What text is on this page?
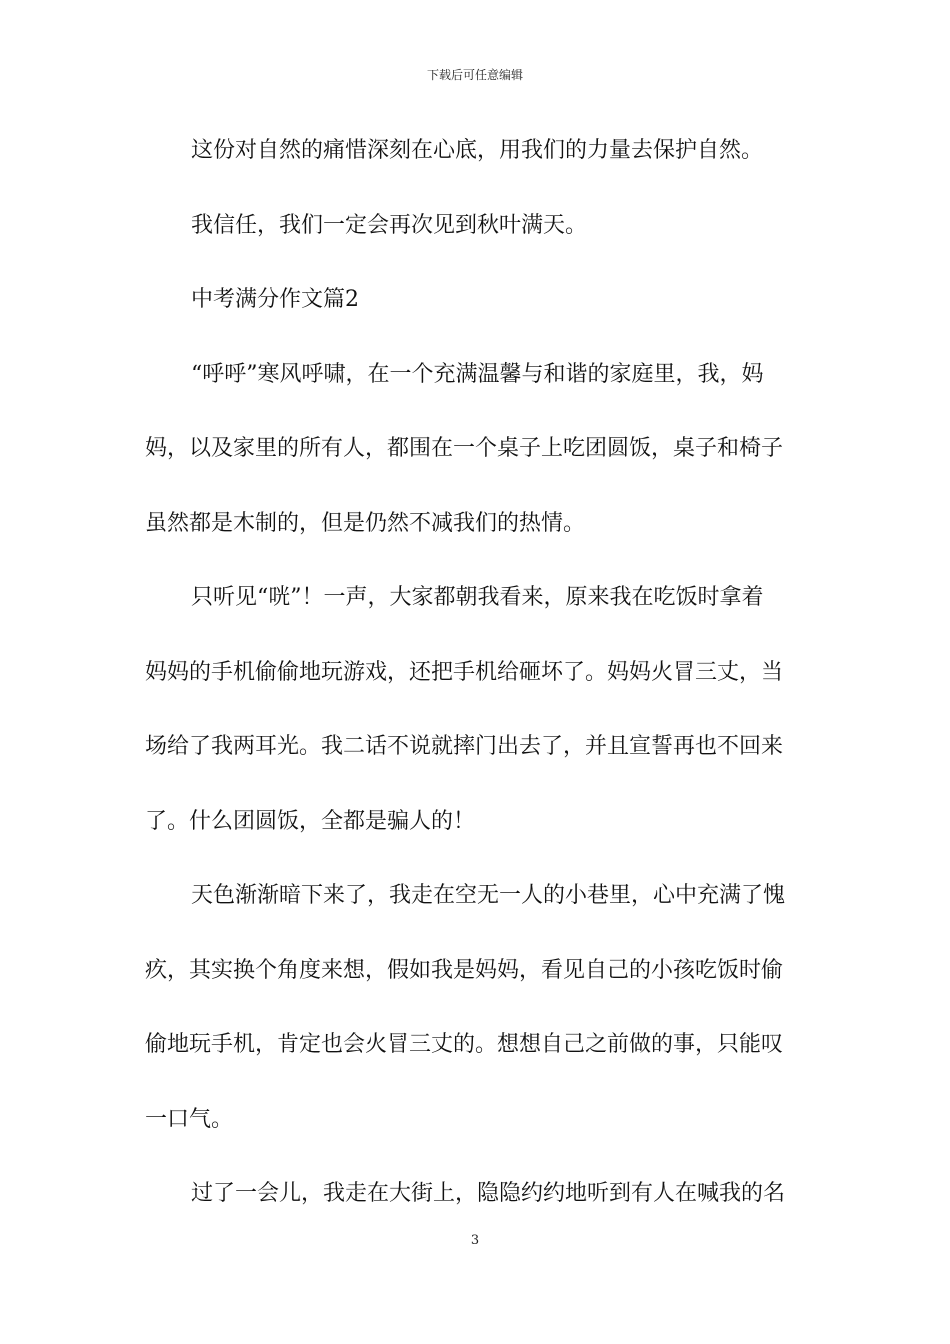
下载后可任意编辑
这份对自然的痛惜深刻在心底，用我们的力量去保护自然。
我信任，我们一定会再次见到秋叶满天。
中考满分作文篇2
“呼呼”寒风呼啸，在一个充满温馨与和谐的家庭里，我，妈
妈，以及家里的所有人，都围在一个桌子上吃团圆饭，桌子和椅子
虽然都是木制的，但是仍然不减我们的热情。
只听见“咣”！一声，大家都朝我看来，原来我在吃饭时拿着
妈妈的手机偷偷地玩游戏，还把手机给砸坏了。妈妈火冒三丈，当
场给了我两耳光。我二话不说就摔门出去了，并且宣誓再也不回来
了。什么团圆饭，全都是骗人的！
天色渐渐暗下来了，我走在空无一人的小巷里，心中充满了愧
疚，其实换个角度来想，假如我是妈妈，看见自己的小孩吃饭时偷
偷地玩手机，肯定也会火冒三丈的。想想自己之前做的事，只能叹
一口气。
过了一会儿，我走在大街上，隐隐约约地听到有人在喊我的名
3
